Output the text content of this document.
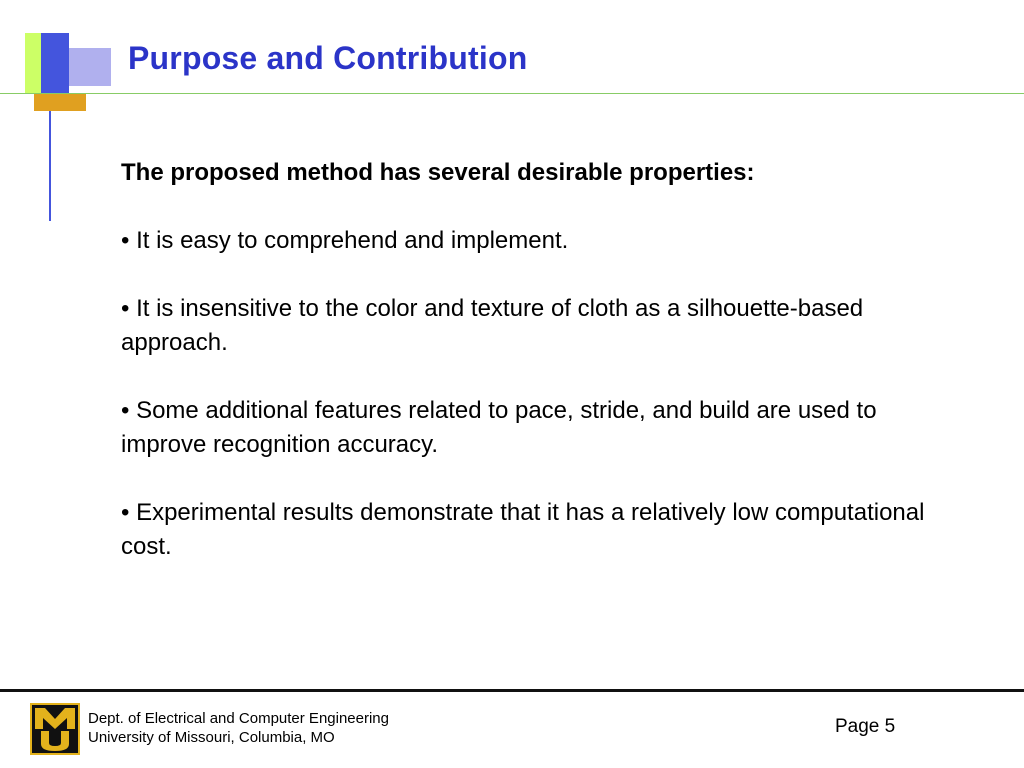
Purpose and Contribution

The proposed method has several desirable properties:

• It is easy to comprehend and implement.

• It is insensitive to the color and texture of cloth as a silhouette-based approach.

• Some additional features related to pace, stride, and build are used to improve recognition accuracy.

• Experimental results demonstrate that it has a relatively low computational cost.

Dept. of Electrical and Computer Engineering
University of Missouri, Columbia, MO
Page 5
